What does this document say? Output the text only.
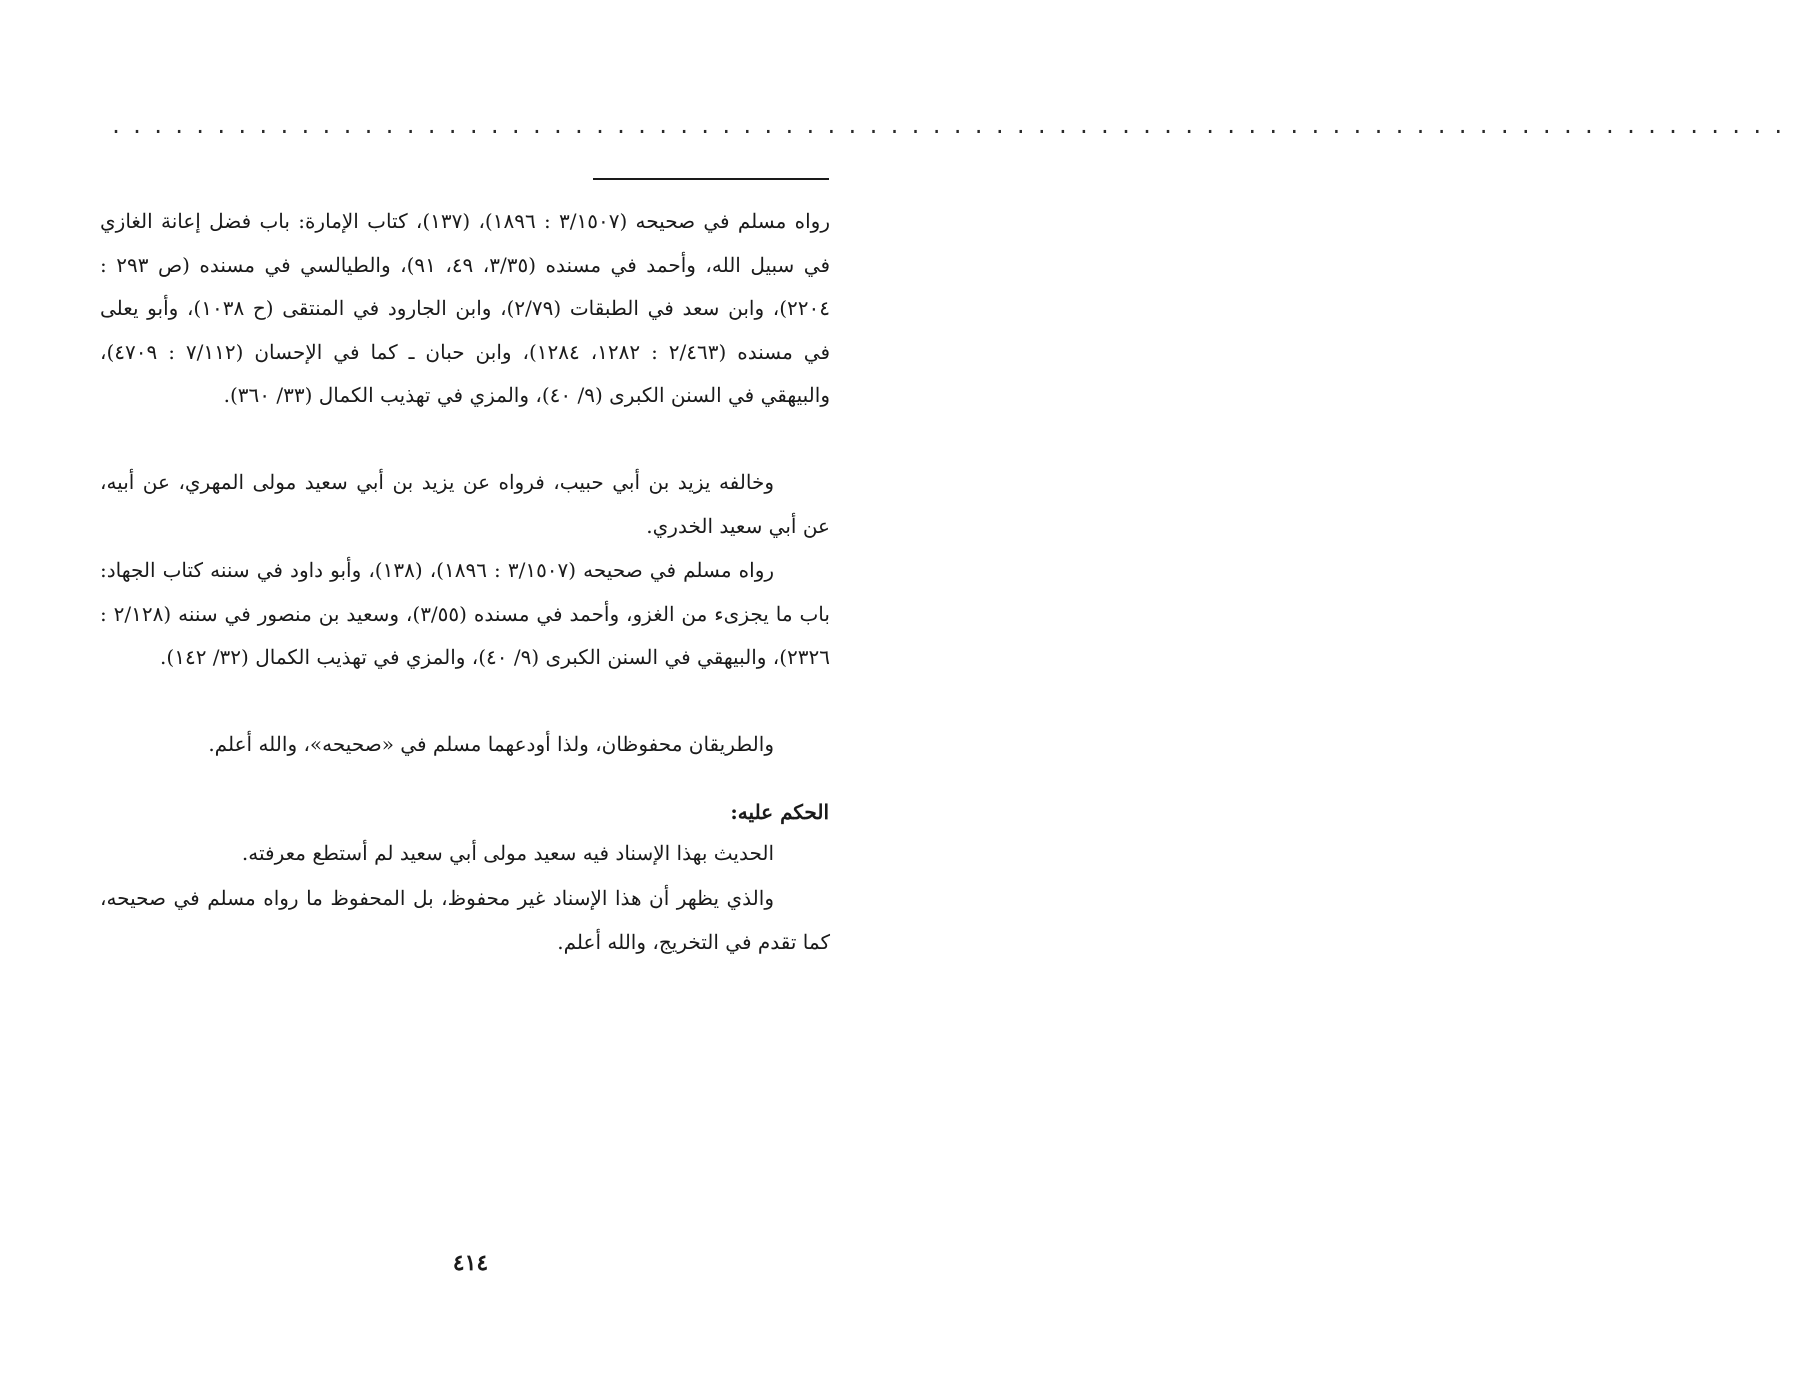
................................................................................

رواه مسلم في صحيحه (٣/١٥٠٧ : ١٨٩٦)، (١٣٧)، كتاب الإمارة: باب فضل إعانة الغازي في سبيل الله، وأحمد في مسنده (٣/٣٥، ٤٩، ٩١)، والطيالسي في مسنده (ص ٢٩٣ : ٢٢٠٤)، وابن سعد في الطبقات (٢/٧٩)، وابن الجارود في المنتقى (ح ١٠٣٨)، وأبو يعلى في مسنده (٢/٤٦٣ : ١٢٨٢، ١٢٨٤)، وابن حبان ـ كما في الإحسان (٧/١١٢ : ٤٧٠٩)، والبيهقي في السنن الكبرى (٩/ ٤٠)، والمزي في تهذيب الكمال (٣٣/ ٣٦٠).

وخالفه يزيد بن أبي حبيب، فرواه عن يزيد بن أبي سعيد مولى المهري، عن أبيه، عن أبي سعيد الخدري.

رواه مسلم في صحيحه (٣/١٥٠٧ : ١٨٩٦)، (١٣٨)، وأبو داود في سننه كتاب الجهاد: باب ما يجزىء من الغزو، وأحمد في مسنده (٣/٥٥)، وسعيد بن منصور في سننه (٢/١٢٨ : ٢٣٢٦)، والبيهقي في السنن الكبرى (٩/ ٤٠)، والمزي في تهذيب الكمال (٣٢/ ١٤٢).

والطريقان محفوظان، ولذا أودعهما مسلم في «صحيحه»، والله أعلم.

الحكم عليه:

الحديث بهذا الإسناد فيه سعيد مولى أبي سعيد لم أستطع معرفته.

والذي يظهر أن هذا الإسناد غير محفوظ، بل المحفوظ ما رواه مسلم في صحيحه، كما تقدم في التخريج، والله أعلم.

٤١٤
